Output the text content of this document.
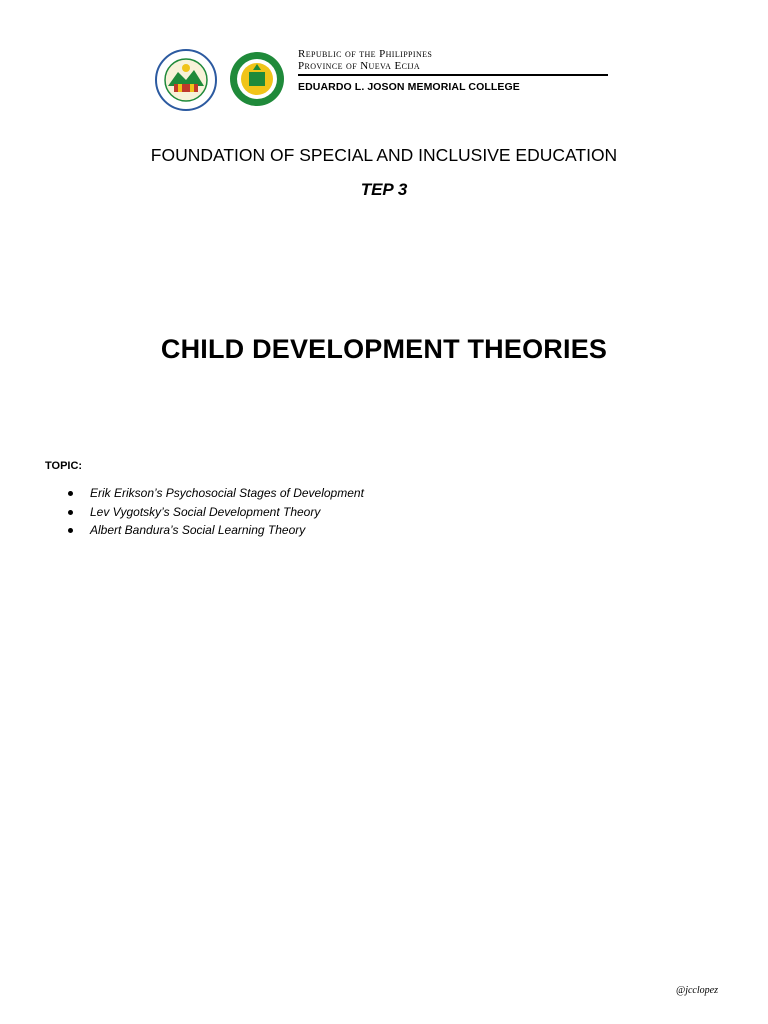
Republic of the Philippines
Province of Nueva Ecija
EDUARDO L. JOSON MEMORIAL COLLEGE
FOUNDATION OF SPECIAL AND INCLUSIVE EDUCATION
TEP 3
CHILD DEVELOPMENT THEORIES
TOPIC:
Erik Erikson’s Psychosocial Stages of Development
Lev Vygotsky’s Social Development Theory
Albert Bandura’s Social Learning Theory
@jcclopez
